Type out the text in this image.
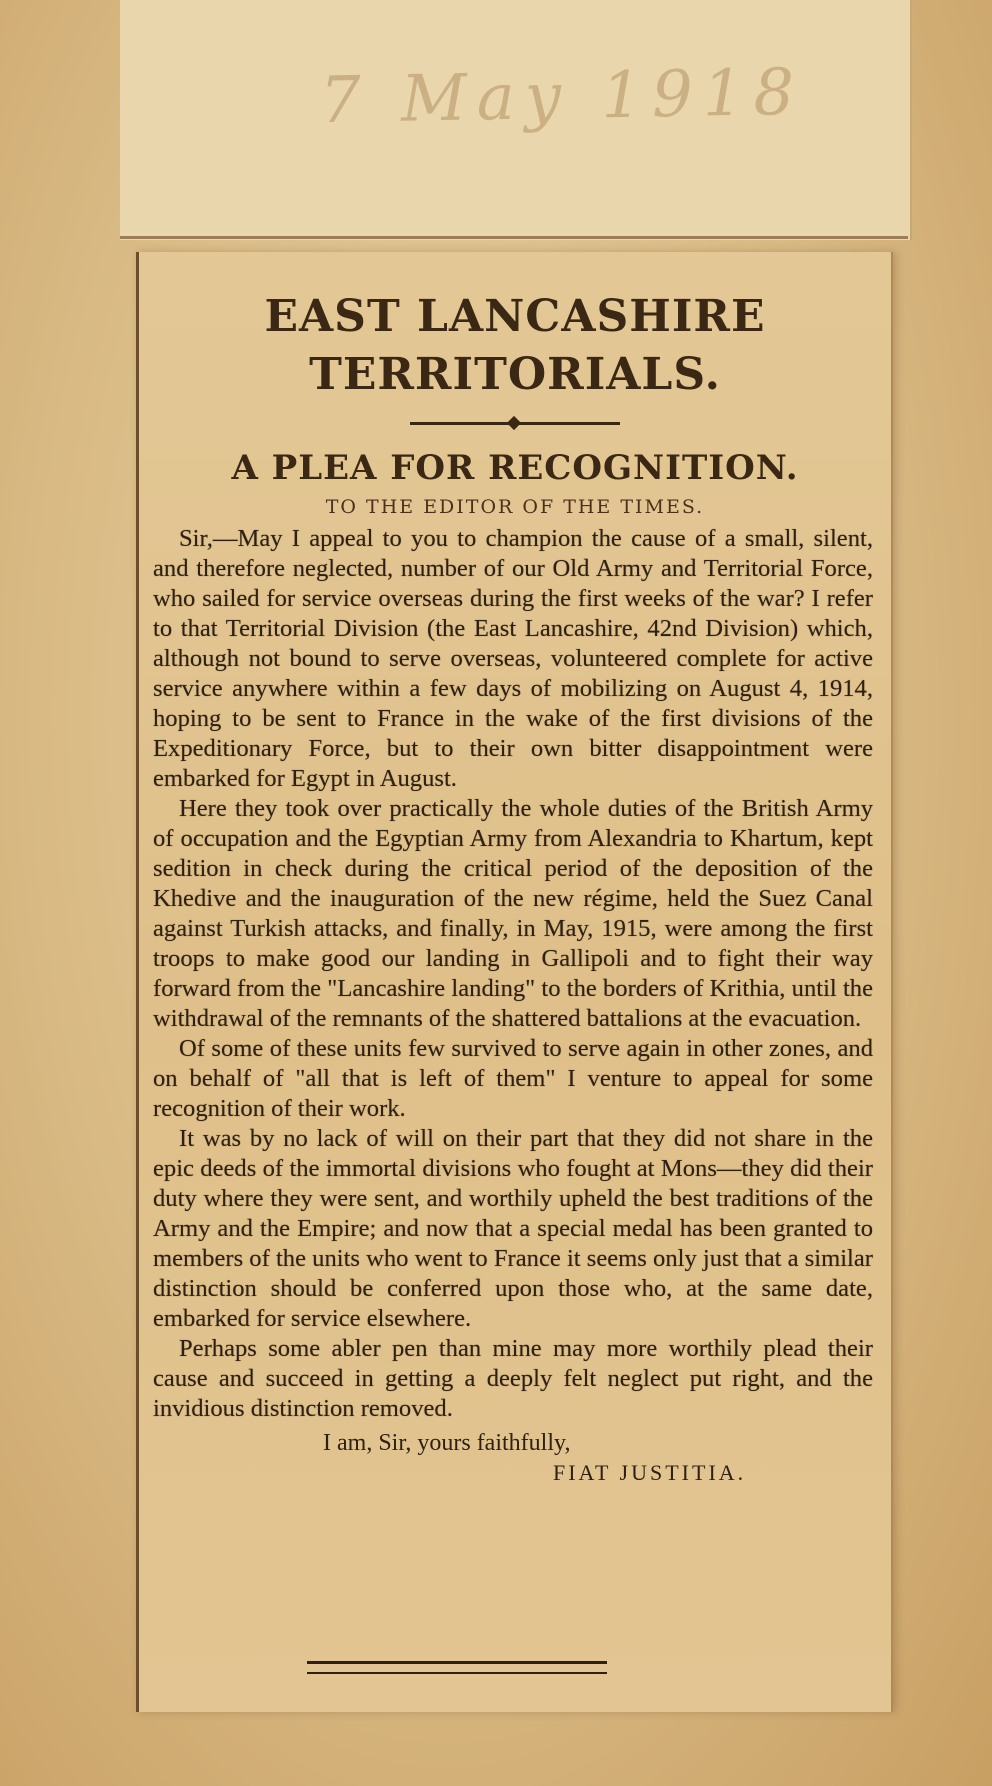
7 May 1918
EAST LANCASHIRE
TERRITORIALS.
A PLEA FOR RECOGNITION.
TO THE EDITOR OF THE TIMES.

Sir,—May I appeal to you to champion the cause of a small, silent, and therefore neglected, number of our Old Army and Territorial Force, who sailed for service overseas during the first weeks of the war? I refer to that Territorial Division (the East Lancashire, 42nd Division) which, although not bound to serve overseas, volunteered complete for active service anywhere within a few days of mobilizing on August 4, 1914, hoping to be sent to France in the wake of the first divisions of the Expeditionary Force, but to their own bitter disappointment were embarked for Egypt in August.

Here they took over practically the whole duties of the British Army of occupation and the Egyptian Army from Alexandria to Khartum, kept sedition in check during the critical period of the deposition of the Khedive and the inauguration of the new régime, held the Suez Canal against Turkish attacks, and finally, in May, 1915, were among the first troops to make good our landing in Gallipoli and to fight their way forward from the "Lancashire landing" to the borders of Krithia, until the withdrawal of the remnants of the shattered battalions at the evacuation.

Of some of these units few survived to serve again in other zones, and on behalf of "all that is left of them" I venture to appeal for some recognition of their work.

It was by no lack of will on their part that they did not share in the epic deeds of the immortal divisions who fought at Mons—they did their duty where they were sent, and worthily upheld the best traditions of the Army and the Empire; and now that a special medal has been granted to members of the units who went to France it seems only just that a similar distinction should be conferred upon those who, at the same date, embarked for service elsewhere.

Perhaps some abler pen than mine may more worthily plead their cause and succeed in getting a deeply felt neglect put right, and the invidious distinction removed.

I am, Sir, yours faithfully,
FIAT JUSTITIA.
